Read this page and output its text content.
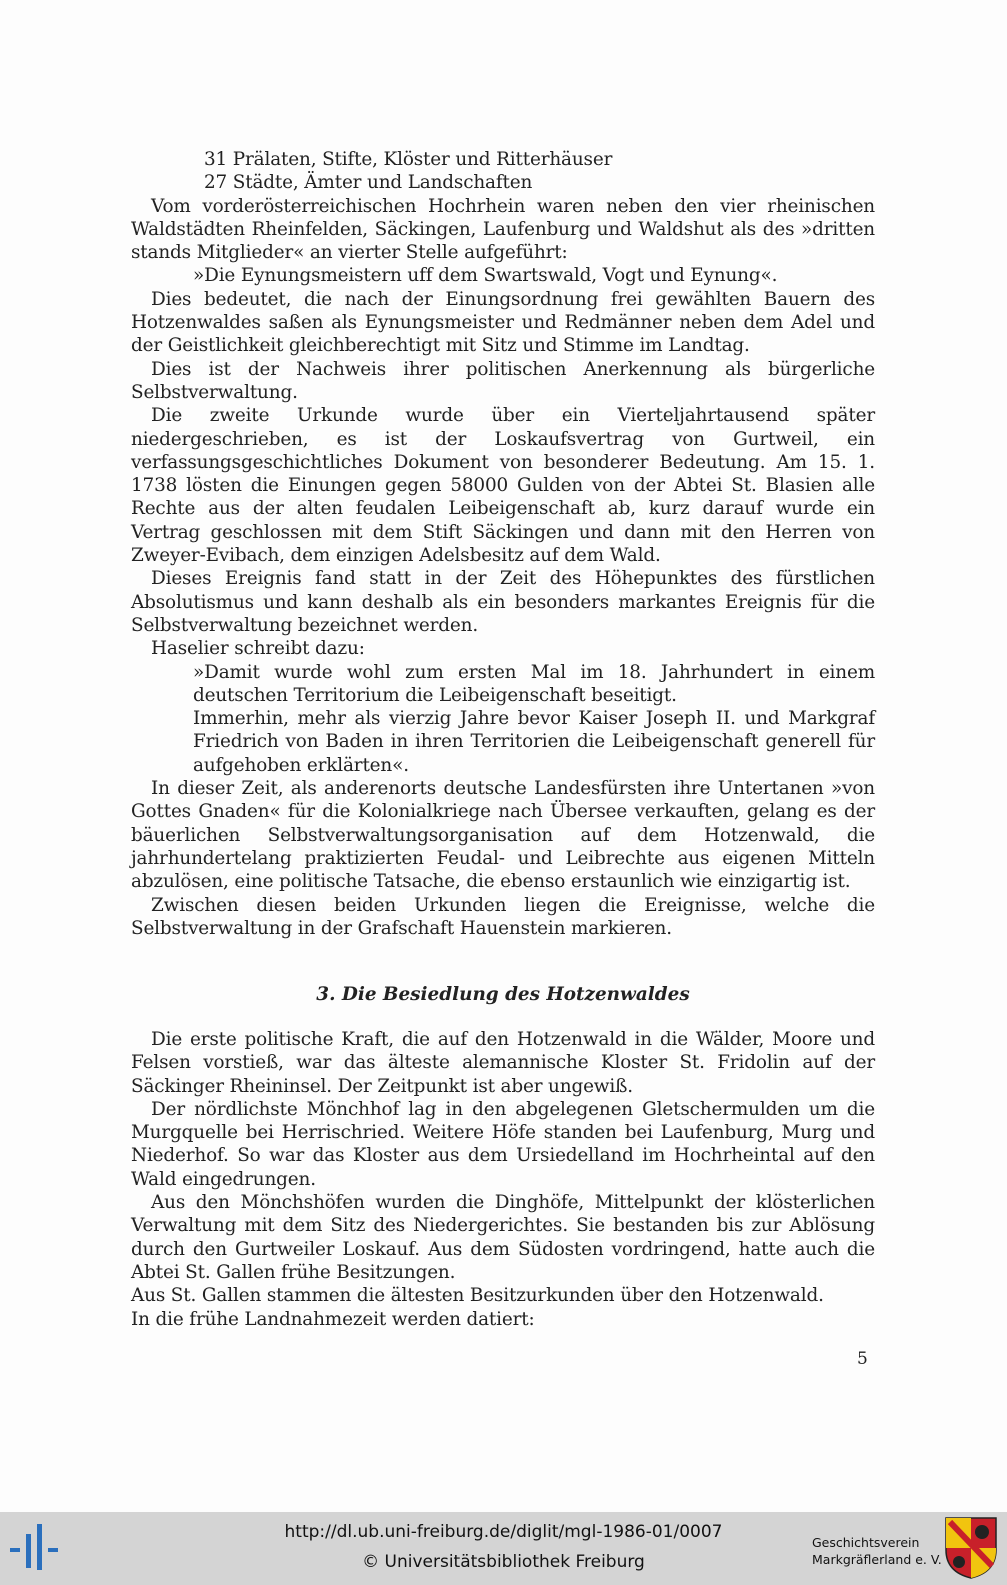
31 Prälaten, Stifte, Klöster und Ritterhäuser

27 Städte, Ämter und Landschaften

Vom vorderösterreichischen Hochrhein waren neben den vier rheinischen Waldstädten Rheinfelden, Säckingen, Laufenburg und Waldshut als des »dritten stands Mitglieder« an vierter Stelle aufgeführt:

»Die Eynungsmeistern uff dem Swartswald, Vogt und Eynung«.

Dies bedeutet, die nach der Einungsordnung frei gewählten Bauern des Hotzenwaldes saßen als Eynungsmeister und Redmänner neben dem Adel und der Geistlichkeit gleichberechtigt mit Sitz und Stimme im Landtag.

Dies ist der Nachweis ihrer politischen Anerkennung als bürgerliche Selbstverwaltung.

Die zweite Urkunde wurde über ein Vierteljahrtausend später niedergeschrieben, es ist der Loskaufsvertrag von Gurtweil, ein verfassungsgeschichtliches Dokument von besonderer Bedeutung. Am 15. 1. 1738 lösten die Einungen gegen 58000 Gulden von der Abtei St. Blasien alle Rechte aus der alten feudalen Leibeigenschaft ab, kurz darauf wurde ein Vertrag geschlossen mit dem Stift Säckingen und dann mit den Herren von Zweyer-Evibach, dem einzigen Adelsbesitz auf dem Wald.

Dieses Ereignis fand statt in der Zeit des Höhepunktes des fürstlichen Absolutismus und kann deshalb als ein besonders markantes Ereignis für die Selbstverwaltung bezeichnet werden.

Haselier schreibt dazu:

»Damit wurde wohl zum ersten Mal im 18. Jahrhundert in einem deutschen Territorium die Leibeigenschaft beseitigt.

Immerhin, mehr als vierzig Jahre bevor Kaiser Joseph II. und Markgraf Friedrich von Baden in ihren Territorien die Leibeigenschaft generell für aufgehoben erklärten«.

In dieser Zeit, als anderenorts deutsche Landesfürsten ihre Untertanen »von Gottes Gnaden« für die Kolonialkriege nach Übersee verkauften, gelang es der bäuerlichen Selbstverwaltungsorganisation auf dem Hotzenwald, die jahrhundertelang praktizierten Feudal- und Leibrechte aus eigenen Mitteln abzulösen, eine politische Tatsache, die ebenso erstaunlich wie einzigartig ist.

Zwischen diesen beiden Urkunden liegen die Ereignisse, welche die Selbstverwaltung in der Grafschaft Hauenstein markieren.

3. Die Besiedlung des Hotzenwaldes

Die erste politische Kraft, die auf den Hotzenwald in die Wälder, Moore und Felsen vorstieß, war das älteste alemannische Kloster St. Fridolin auf der Säckinger Rheininsel. Der Zeitpunkt ist aber ungewiß.

Der nördlichste Mönchhof lag in den abgelegenen Gletschermulden um die Murgquelle bei Herrischried. Weitere Höfe standen bei Laufenburg, Murg und Niederhof. So war das Kloster aus dem Ursiedelland im Hochrheintal auf den Wald eingedrungen.

Aus den Mönchshöfen wurden die Dinghöfe, Mittelpunkt der klösterlichen Verwaltung mit dem Sitz des Niedergerichtes. Sie bestanden bis zur Ablösung durch den Gurtweiler Loskauf. Aus dem Südosten vordringend, hatte auch die Abtei St. Gallen frühe Besitzungen.

Aus St. Gallen stammen die ältesten Besitzurkunden über den Hotzenwald.

In die frühe Landnahmezeit werden datiert:

5
http://dl.ub.uni-freiburg.de/diglit/mgl-1986-01/0007
© Universitätsbibliothek Freiburg
Geschichtsverein
Markgräflerland e. V.
